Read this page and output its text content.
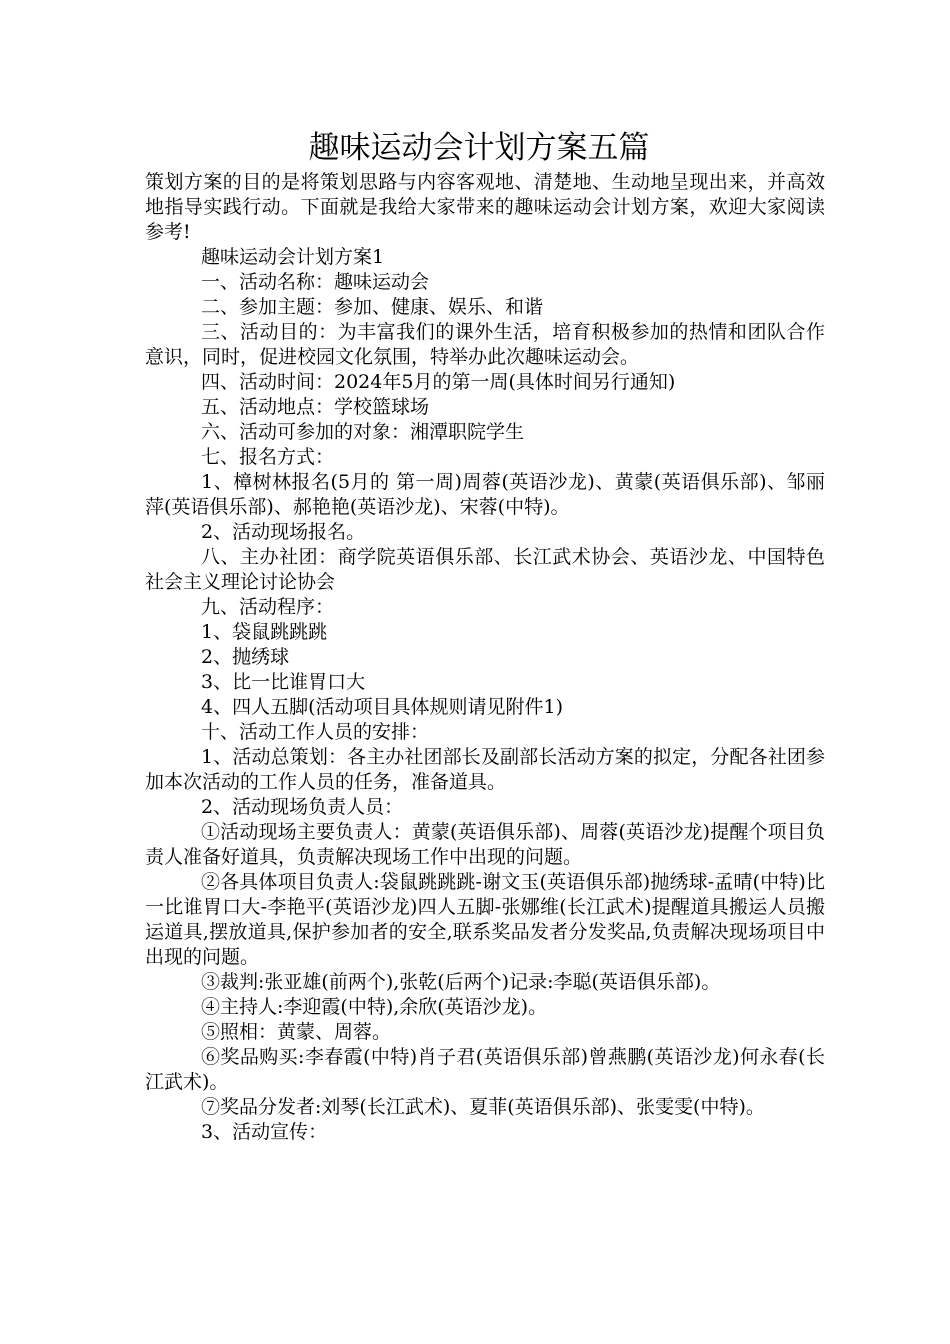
趣味运动会计划方案五篇

策划方案的目的是将策划思路与内容客观地、清楚地、生动地呈现出来，并高效地指导实践行动。下面就是我给大家带来的趣味运动会计划方案，欢迎大家阅读参考!

趣味运动会计划方案1

一、活动名称：趣味运动会

二、参加主题：参加、健康、娱乐、和谐

三、活动目的：为丰富我们的课外生活，培育积极参加的热情和团队合作意识，同时，促进校园文化氛围，特举办此次趣味运动会。

四、活动时间：2024年5月的第一周(具体时间另行通知)

五、活动地点：学校篮球场

六、活动可参加的对象：湘潭职院学生

七、报名方式：

1、樟树林报名(5月的 第一周)周蓉(英语沙龙)、黄蒙(英语俱乐部)、邹丽萍(英语俱乐部)、郝艳艳(英语沙龙)、宋蓉(中特)。

2、活动现场报名。

八、主办社团：商学院英语俱乐部、长江武术协会、英语沙龙、中国特色社会主义理论讨论协会

九、活动程序：

1、袋鼠跳跳跳

2、抛绣球

3、比一比谁胃口大

4、四人五脚(活动项目具体规则请见附件1)

十、活动工作人员的安排：

1、活动总策划：各主办社团部长及副部长活动方案的拟定，分配各社团参加本次活动的工作人员的任务，准备道具。

2、活动现场负责人员：

①活动现场主要负责人：黄蒙(英语俱乐部)、周蓉(英语沙龙)提醒个项目负责人准备好道具，负责解决现场工作中出现的问题。

②各具体项目负责人:袋鼠跳跳跳-谢文玉(英语俱乐部)抛绣球-孟晴(中特)比一比谁胃口大-李艳平(英语沙龙)四人五脚-张娜维(长江武术)提醒道具搬运人员搬运道具,摆放道具,保护参加者的安全,联系奖品发者分发奖品,负责解决现场项目中出现的问题。

③裁判:张亚雄(前两个),张乾(后两个)记录:李聪(英语俱乐部)。

④主持人:李迎霞(中特),余欣(英语沙龙)。

⑤照相：黄蒙、周蓉。

⑥奖品购买:李春霞(中特)肖子君(英语俱乐部)曾燕鹏(英语沙龙)何永春(长江武术)。

⑦奖品分发者:刘琴(长江武术)、夏菲(英语俱乐部)、张雯雯(中特)。

3、活动宣传：
